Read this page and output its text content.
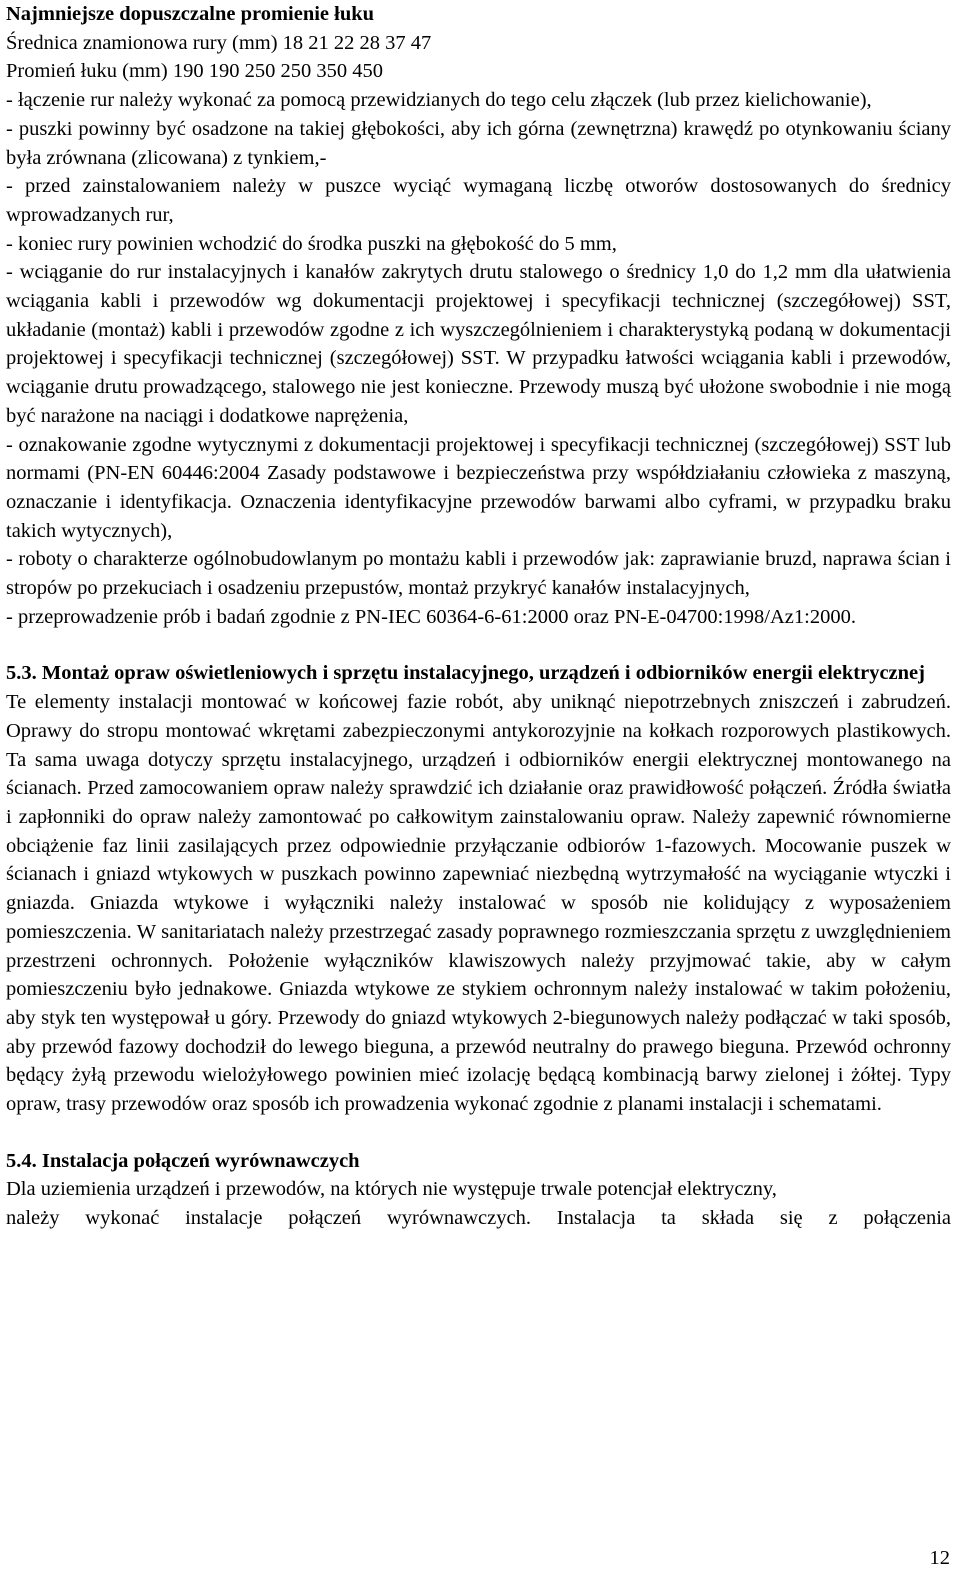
Najmniejsze dopuszczalne promienie łuku

Średnica znamionowa rury (mm) 18 21 22 28 37 47

Promień łuku (mm) 190 190 250 250 350 450

- łączenie rur należy wykonać za pomocą przewidzianych do tego celu złączek (lub przez kielichowanie),

- puszki powinny być osadzone na takiej głębokości, aby ich górna (zewnętrzna) krawędź po otynkowaniu ściany była zrównana (zlicowana) z tynkiem,-

- przed zainstalowaniem należy w puszce wyciąć wymaganą liczbę otworów dostosowanych do średnicy wprowadzanych rur,

- koniec rury powinien wchodzić do środka puszki na głębokość do 5 mm,

- wciąganie do rur instalacyjnych i kanałów zakrytych drutu stalowego o średnicy 1,0 do 1,2 mm dla ułatwienia wciągania kabli i przewodów wg dokumentacji projektowej i specyfikacji technicznej (szczegółowej) SST, układanie (montaż) kabli i przewodów zgodne z ich wyszczególnieniem i charakterystyką podaną w dokumentacji projektowej i specyfikacji technicznej (szczegółowej) SST. W przypadku łatwości wciągania kabli i przewodów, wciąganie drutu prowadzącego, stalowego nie jest konieczne. Przewody muszą być ułożone swobodnie i nie mogą być narażone na naciągi i dodatkowe naprężenia,

- oznakowanie zgodne wytycznymi z dokumentacji projektowej i specyfikacji technicznej (szczegółowej) SST lub normami (PN-EN 60446:2004 Zasady podstawowe i bezpieczeństwa przy współdziałaniu człowieka z maszyną, oznaczanie i identyfikacja. Oznaczenia identyfikacyjne przewodów barwami albo cyframi, w przypadku braku takich wytycznych),

- roboty o charakterze ogólnobudowlanym po montażu kabli i przewodów jak: zaprawianie bruzd, naprawa ścian i stropów po przekuciach i osadzeniu przepustów, montaż przykryć kanałów instalacyjnych,

- przeprowadzenie prób i badań zgodnie z PN-IEC 60364-6-61:2000 oraz PN-E-04700:1998/Az1:2000.

5.3. Montaż opraw oświetleniowych i sprzętu instalacyjnego, urządzeń i odbiorników energii elektrycznej

Te elementy instalacji montować w końcowej fazie robót, aby uniknąć niepotrzebnych zniszczeń i zabrudzeń. Oprawy do stropu montować wkrętami zabezpieczonymi antykorozyjnie na kołkach rozporowych plastikowych. Ta sama uwaga dotyczy sprzętu instalacyjnego, urządzeń i odbiorników energii elektrycznej montowanego na ścianach. Przed zamocowaniem opraw należy sprawdzić ich działanie oraz prawidłowość połączeń. Źródła światła i zapłonniki do opraw należy zamontować po całkowitym zainstalowaniu opraw. Należy zapewnić równomierne obciążenie faz linii zasilających przez odpowiednie przyłączanie odbiorów 1-fazowych. Mocowanie puszek w ścianach i gniazd wtykowych w puszkach powinno zapewniać niezbędną wytrzymałość na wyciąganie wtyczki i gniazda. Gniazda wtykowe i wyłączniki należy instalować w sposób nie kolidujący z wyposażeniem pomieszczenia. W sanitariatach należy przestrzegać zasady poprawnego rozmieszczania sprzętu z uwzględnieniem przestrzeni ochronnych. Położenie wyłączników klawiszowych należy przyjmować takie, aby w całym pomieszczeniu było jednakowe. Gniazda wtykowe ze stykiem ochronnym należy instalować w takim położeniu, aby styk ten występował u góry. Przewody do gniazd wtykowych 2-biegunowych należy podłączać w taki sposób, aby przewód fazowy dochodził do lewego bieguna, a przewód neutralny do prawego bieguna. Przewód ochronny będący żyłą przewodu wielożyłowego powinien mieć izolację będącą kombinacją barwy zielonej i żółtej. Typy opraw, trasy przewodów oraz sposób ich prowadzenia wykonać zgodnie z planami instalacji i schematami.

5.4. Instalacja połączeń wyrównawczych

Dla uziemienia urządzeń i przewodów, na których nie występuje trwale potencjał elektryczny,

należy wykonać instalacje połączeń wyrównawczych. Instalacja ta składa się z połączenia

12
